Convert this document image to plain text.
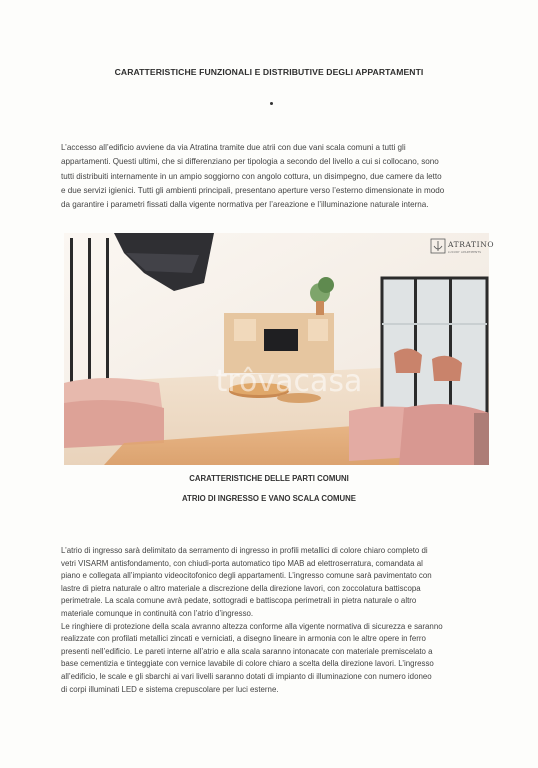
CARATTERISTICHE FUNZIONALI E DISTRIBUTIVE DEGLI APPARTAMENTI
L’accesso all’edificio avviene da via Atratina tramite due atrii con due vani scala comuni a tutti gli
appartamenti. Questi ultimi, che si differenziano per tipologia a secondo del livello a cui si collocano, sono
tutti distribuiti internamente in un ampio soggiorno con angolo cottura, un disimpegno, due camere da letto
e due servizi igienici. Tutti gli ambienti principali, presentano aperture verso l’esterno dimensionate in modo
da garantire i parametri fissati dalla vigente normativa per l’areazione e l’illuminazione naturale interna.
ATRATINO
LUXURY APARTMENTS
trôvacasa
CARATTERISTICHE DELLE PARTI COMUNI
ATRIO DI INGRESSO E VANO SCALA COMUNE
L’atrio di ingresso sarà delimitato da serramento di ingresso in profili metallici di colore chiaro completo di
vetri VISARM antisfondamento, con chiudi-porta automatico tipo MAB ad elettroserratura, comandata al
piano e collegata all’impianto videocitofonico degli appartamenti. L’ingresso comune sarà pavimentato con
lastre di pietra naturale o altro materiale a discrezione della direzione lavori, con zoccolatura battiscopa
perimetrale. La scala comune avrà pedate, sottogradi e battiscopa perimetrali in pietra naturale o altro
materiale comunque in continuità con l’atrio d’ingresso.
Le ringhiere di protezione della scala avranno altezza conforme alla vigente normativa di sicurezza e saranno
realizzate con profilati metallici zincati e verniciati, a disegno lineare in armonia con le altre opere in ferro
presenti nell’edificio. Le pareti interne all’atrio e alla scala saranno intonacate con materiale premiscelato a
base cementizia e tinteggiate con vernice lavabile di colore chiaro a scelta della direzione lavori. L’ingresso
all’edificio, le scale e gli sbarchi ai vari livelli saranno dotati di impianto di illuminazione con numero idoneo
di corpi illuminati LED e sistema crepuscolare per luci esterne.
